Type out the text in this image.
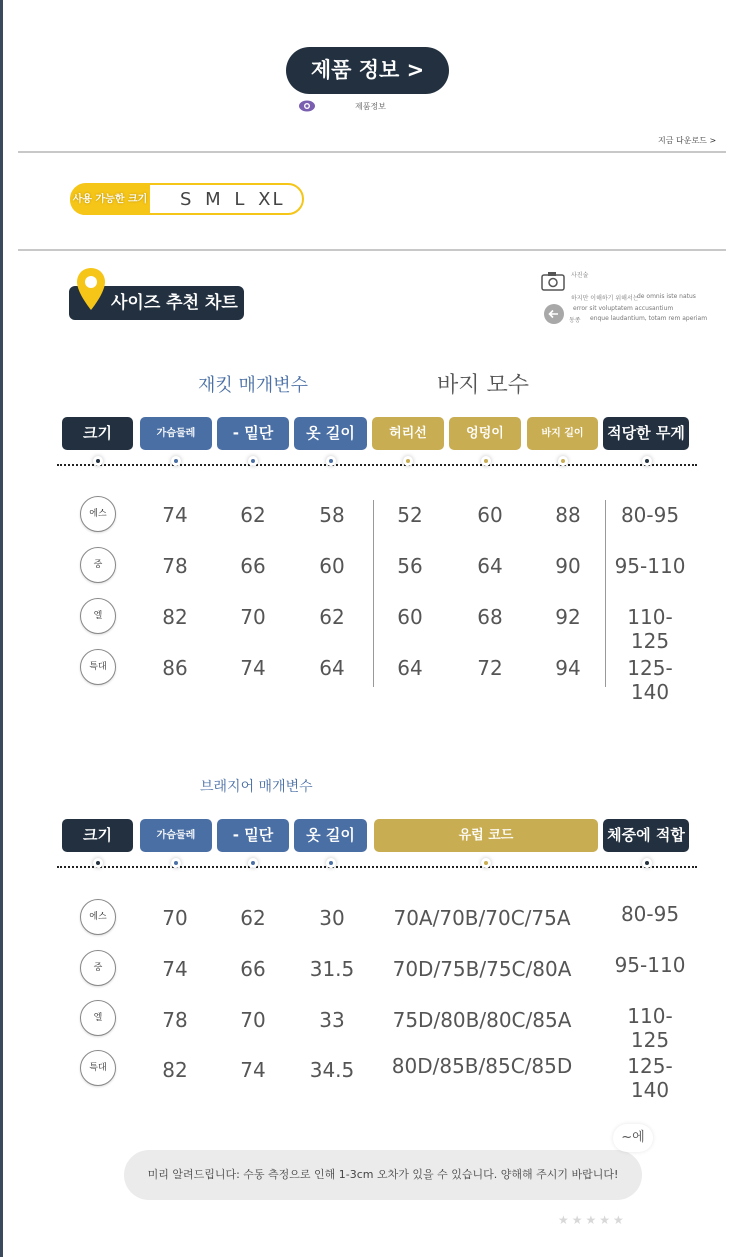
제품 정보 >
제품정보
지금 다운로드 >
사용 가능한 크기 S M L XL
사이즈 추천 차트
사진술
하지만 이해하기 위해서는
de omnis iste natus
error sit voluptatem accusantium
동종 enque laudantium, totam rem aperiam
재킷 매개변수	바지 모수
크기	가슴둘레	- 밑단	옷 길이	허리선	엉덩이	바지 길이	적당한 무게
에스	74	62	58	52	60	88	80-95
중	78	66	60	56	64	90	95-110
엘	82	70	62	60	68	92	110-125
특대	86	74	64	64	72	94	125-140
브래지어 매개변수
크기	가슴둘레	- 밑단	옷 길이	유럽 코드	체중에 적합
에스	70	62	30	70A/70B/70C/75A	80-95
중	74	66	31.5	70D/75B/75C/80A	95-110
엘	78	70	33	75D/80B/80C/85A	110-125
특대	82	74	34.5	80D/85B/85C/85D	125-140
미리 알려드립니다: 수동 측정으로 인해 1-3cm 오차가 있을 수 있습니다. 양해해 주시기 바랍니다!
~에
★★★★★
